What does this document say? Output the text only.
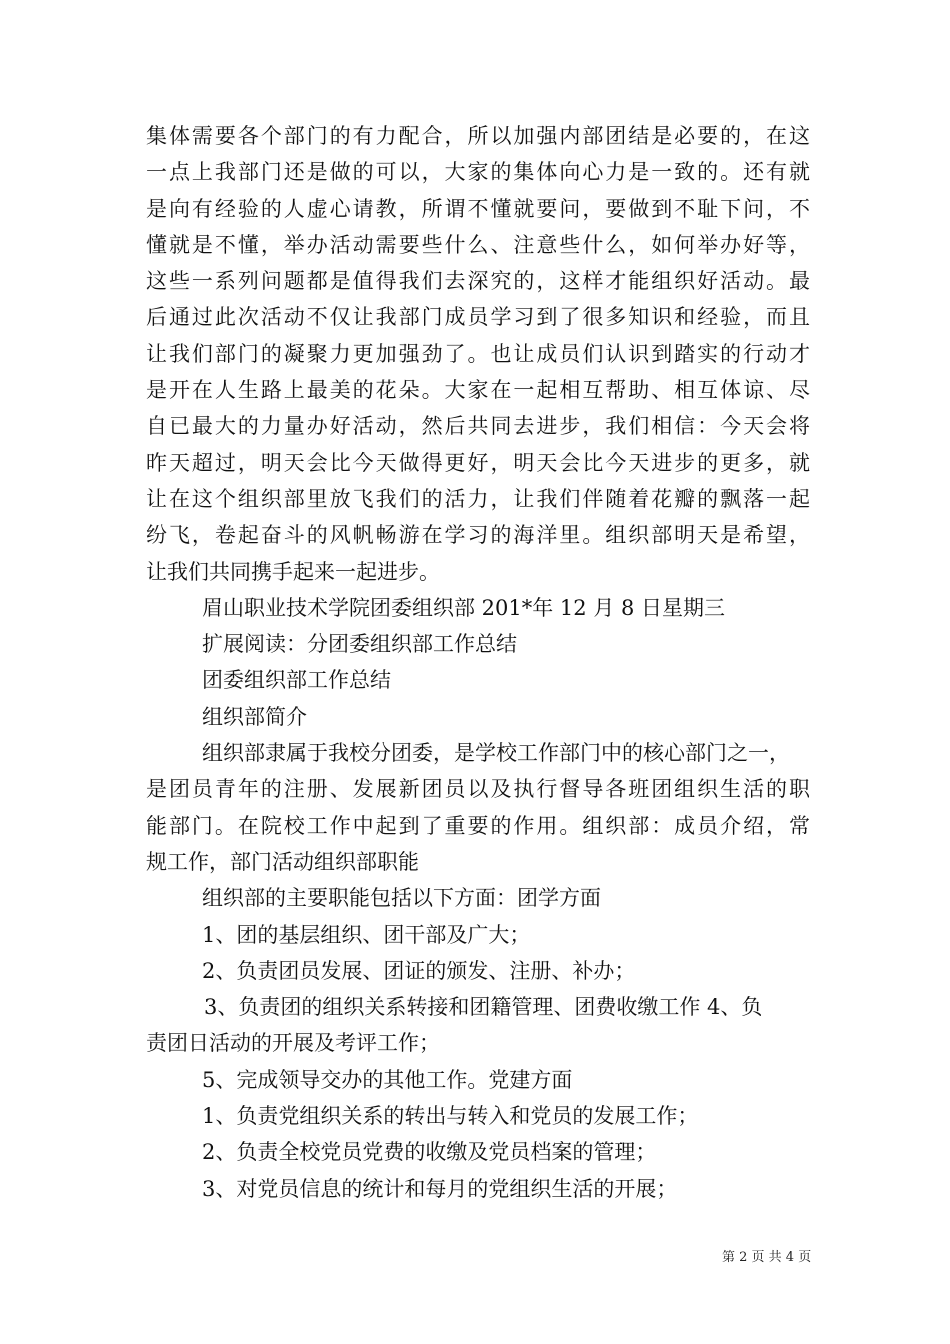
集体需要各个部门的有力配合，所以加强内部团结是必要的，在这

一点上我部门还是做的可以，大家的集体向心力是一致的。还有就

是向有经验的人虚心请教，所谓不懂就要问，要做到不耻下问，不

懂就是不懂，举办活动需要些什么、注意些什么，如何举办好等，

这些一系列问题都是值得我们去深究的，这样才能组织好活动。最

后通过此次活动不仅让我部门成员学习到了很多知识和经验，而且

让我们部门的凝聚力更加强劲了。也让成员们认识到踏实的行动才

是开在人生路上最美的花朵。大家在一起相互帮助、相互体谅、尽

自已最大的力量办好活动，然后共同去进步，我们相信：今天会将

昨天超过，明天会比今天做得更好，明天会比今天进步的更多，就

让在这个组织部里放飞我们的活力，让我们伴随着花瓣的飘落一起

纷飞，卷起奋斗的风帆畅游在学习的海洋里。组织部明天是希望，

让我们共同携手起来一起进步。

眉山职业技术学院团委组织部 201*年 12 月 8 日星期三

扩展阅读：分团委组织部工作总结

团委组织部工作总结

组织部简介

组织部隶属于我校分团委，是学校工作部门中的核心部门之一，

是团员青年的注册、发展新团员以及执行督导各班团组织生活的职

能部门。在院校工作中起到了重要的作用。组织部：成员介绍，常

规工作，部门活动组织部职能

组织部的主要职能包括以下方面：团学方面

1、团的基层组织、团干部及广大；

2、负责团员发展、团证的颁发、注册、补办；

3、负责团的组织关系转接和团籍管理、团费收缴工作 4、负

责团日活动的开展及考评工作；

5、完成领导交办的其他工作。党建方面

1、负责党组织关系的转出与转入和党员的发展工作；

2、负责全校党员党费的收缴及党员档案的管理；

3、对党员信息的统计和每月的党组织生活的开展；

第 2 页 共 4 页
